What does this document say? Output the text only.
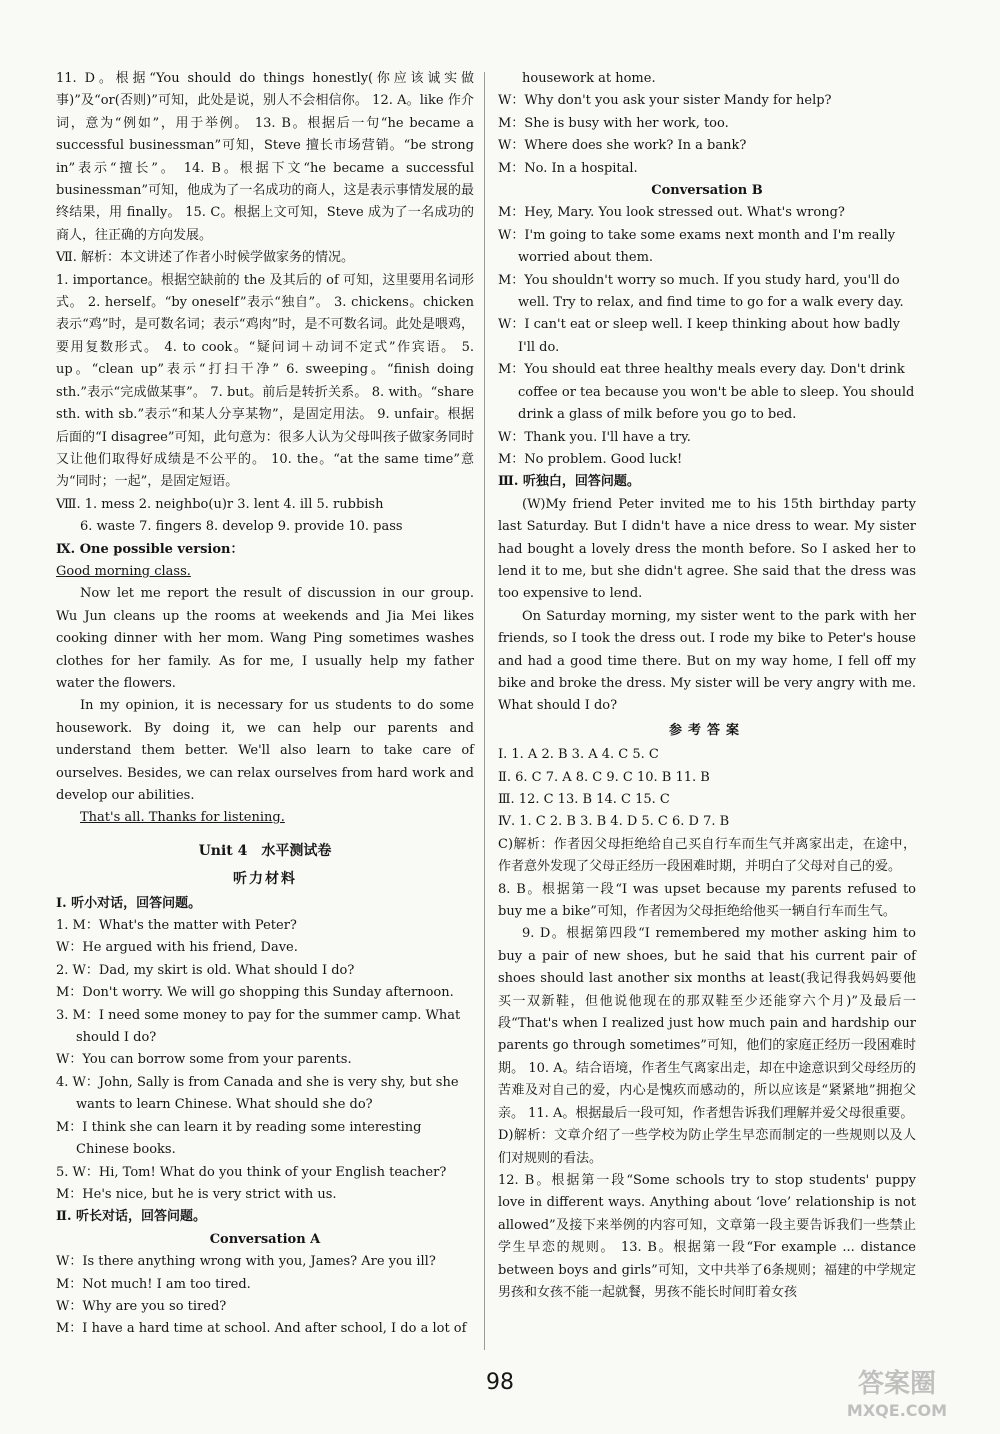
11. D。根据“You should do things honestly(你应该诚实做事)”及“or(否则)”可知，此处是说，别人不会相信你。 12. A。like 作介词，意为“例如”，用于举例。 13. B。根据后一句“he became a successful businessman”可知，Steve 擅长市场营销。“be strong in”表示“擅长”。 14. B。根据下文“he became a successful businessman”可知，他成为了一名成功的商人，这是表示事情发展的最终结果，用 finally。 15. C。根据上文可知，Steve 成为了一名成功的商人，往正确的方向发展。

Ⅶ. 解析：本文讲述了作者小时候学做家务的情况。

1. importance。根据空缺前的 the 及其后的 of 可知，这里要用名词形式。 2. herself。“by oneself”表示“独自”。 3. chickens。chicken 表示“鸡”时，是可数名词；表示“鸡肉”时，是不可数名词。此处是喂鸡，要用复数形式。 4. to cook。“疑问词＋动词不定式”作宾语。 5. up。“clean up”表示“打扫干净” 6. sweeping。“finish doing sth.”表示“完成做某事”。 7. but。前后是转折关系。 8. with。“share sth. with sb.”表示“和某人分享某物”，是固定用法。 9. unfair。根据后面的“I disagree”可知，此句意为：很多人认为父母叫孩子做家务同时又让他们取得好成绩是不公平的。 10. the。“at the same time”意为“同时；一起”，是固定短语。

Ⅷ. 1. mess 2. neighbo(u)r 3. lent 4. ill 5. rubbish

6. waste 7. fingers 8. develop 9. provide 10. pass

Ⅸ. One possible version：

Good morning class.

Now let me report the result of discussion in our group. Wu Jun cleans up the rooms at weekends and Jia Mei likes cooking dinner with her mom. Wang Ping sometimes washes clothes for her family. As for me, I usually help my father water the flowers.

In my opinion, it is necessary for us students to do some housework. By doing it, we can help our parents and understand them better. We'll also learn to take care of ourselves. Besides, we can relax ourselves from hard work and develop our abilities.

That's all. Thanks for listening.

Unit 4　水平测试卷

听力材料

Ⅰ. 听小对话，回答问题。

1. M：What's the matter with Peter?

W：He argued with his friend, Dave.

2. W：Dad, my skirt is old. What should I do?

M：Don't worry. We will go shopping this Sunday afternoon.

3. M：I need some money to pay for the summer camp. What should I do?

W：You can borrow some from your parents.

4. W：John, Sally is from Canada and she is very shy, but she wants to learn Chinese. What should she do?

M：I think she can learn it by reading some interesting Chinese books.

5. W：Hi, Tom! What do you think of your English teacher?

M：He's nice, but he is very strict with us.

Ⅱ. 听长对话，回答问题。

Conversation A

W：Is there anything wrong with you, James? Are you ill?

M：Not much! I am too tired.

W：Why are you so tired?

M：I have a hard time at school. And after school, I do a lot of

housework at home.

W：Why don't you ask your sister Mandy for help?

M：She is busy with her work, too.

W：Where does she work? In a bank?

M：No. In a hospital.

Conversation B

M：Hey, Mary. You look stressed out. What's wrong?

W：I'm going to take some exams next month and I'm really worried about them.

M：You shouldn't worry so much. If you study hard, you'll do well. Try to relax, and find time to go for a walk every day.

W：I can't eat or sleep well. I keep thinking about how badly I'll do.

M：You should eat three healthy meals every day. Don't drink coffee or tea because you won't be able to sleep. You should drink a glass of milk before you go to bed.

W：Thank you. I'll have a try.

M：No problem. Good luck!

Ⅲ. 听独白，回答问题。

(W)My friend Peter invited me to his 15th birthday party last Saturday. But I didn't have a nice dress to wear. My sister had bought a lovely dress the month before. So I asked her to lend it to me, but she didn't agree. She said that the dress was too expensive to lend.

On Saturday morning, my sister went to the park with her friends, so I took the dress out. I rode my bike to Peter's house and had a good time there. But on my way home, I fell off my bike and broke the dress. My sister will be very angry with me. What should I do?

参考答案

Ⅰ. 1. A 2. B 3. A 4. C 5. C

Ⅱ. 6. C 7. A 8. C 9. C 10. B 11. B

Ⅲ. 12. C 13. B 14. C 15. C

Ⅳ. 1. C 2. B 3. B 4. D 5. C 6. D 7. B

C)解析：作者因父母拒绝给自己买自行车而生气并离家出走，在途中，作者意外发现了父母正经历一段困难时期，并明白了父母对自己的爱。

8. B。根据第一段“I was upset because my parents refused to buy me a bike”可知，作者因为父母拒绝给他买一辆自行车而生气。

9. D。根据第四段“I remembered my mother asking him to buy a pair of new shoes, but he said that his current pair of shoes should last another six months at least(我记得我妈妈要他买一双新鞋，但他说他现在的那双鞋至少还能穿六个月)”及最后一段“That's when I realized just how much pain and hardship our parents go through sometimes”可知，他们的家庭正经历一段困难时期。 10. A。结合语境，作者生气离家出走，却在中途意识到父母经历的苦难及对自己的爱，内心是愧疚而感动的，所以应该是“紧紧地”拥抱父亲。 11. A。根据最后一段可知，作者想告诉我们理解并爱父母很重要。

D)解析：文章介绍了一些学校为防止学生早恋而制定的一些规则以及人们对规则的看法。

12. B。根据第一段“Some schools try to stop students' puppy love in different ways. Anything about ‘love’ relationship is not allowed”及接下来举例的内容可知，文章第一段主要告诉我们一些禁止学生早恋的规则。 13. B。根据第一段“For example ... distance between boys and girls”可知，文中共举了6条规则；福建的中学规定男孩和女孩不能一起就餐，男孩不能长时间盯着女孩

98	答案圈
MXQE.COM
